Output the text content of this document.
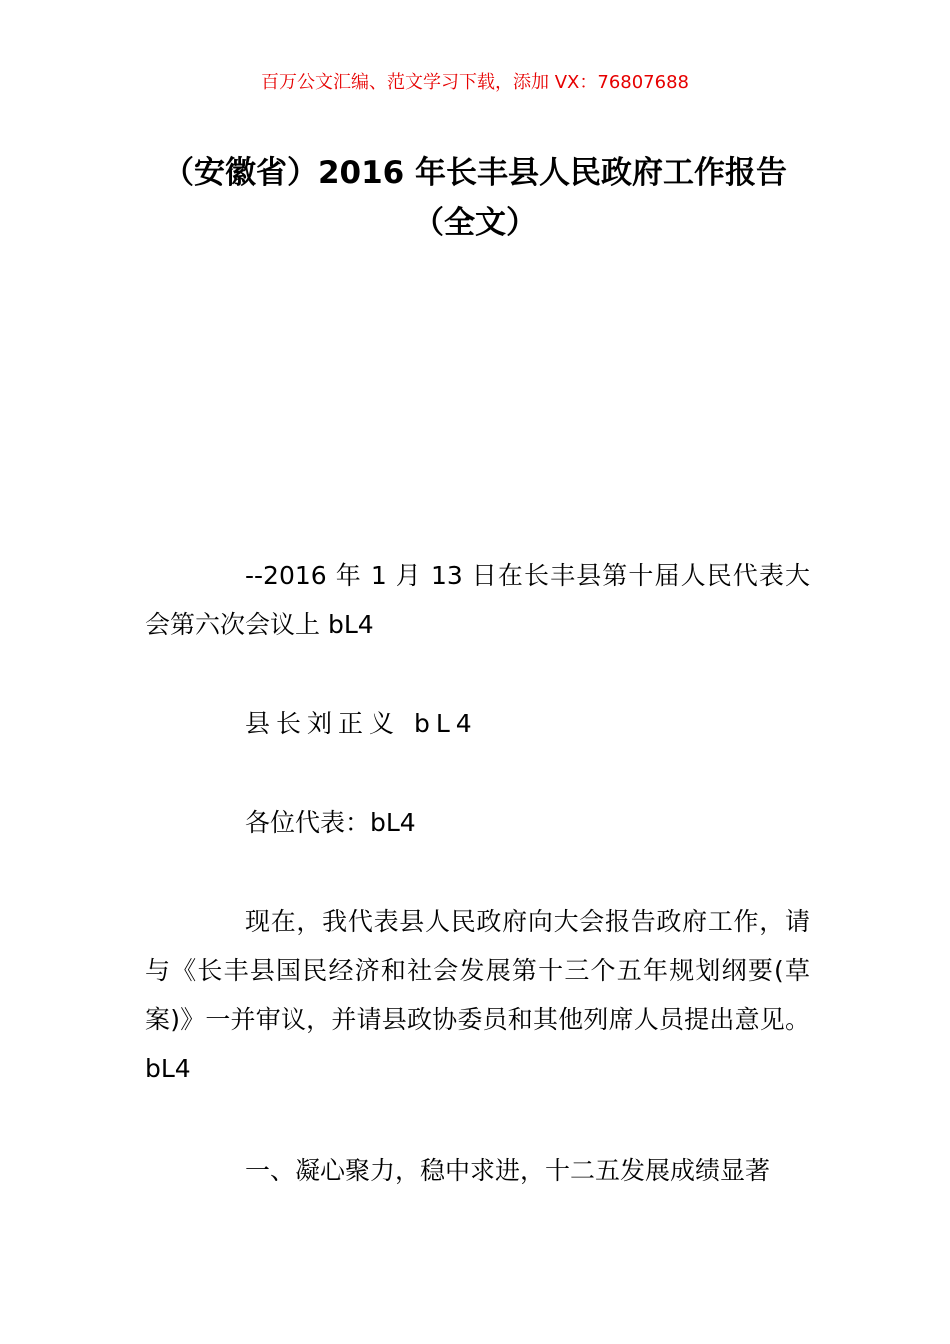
百万公文汇编、范文学习下载，添加 VX：76807688
（安徽省）2016 年长丰县人民政府工作报告（全文）

--2016 年 1 月 13 日在长丰县第十届人民代表大会第六次会议上 bL4

县长刘正义 bL4

各位代表：bL4

现在，我代表县人民政府向大会报告政府工作，请与《长丰县国民经济和社会发展第十三个五年规划纲要(草案)》一并审议，并请县政协委员和其他列席人员提出意见。bL4

一、凝心聚力，稳中求进，十二五发展成绩显著
